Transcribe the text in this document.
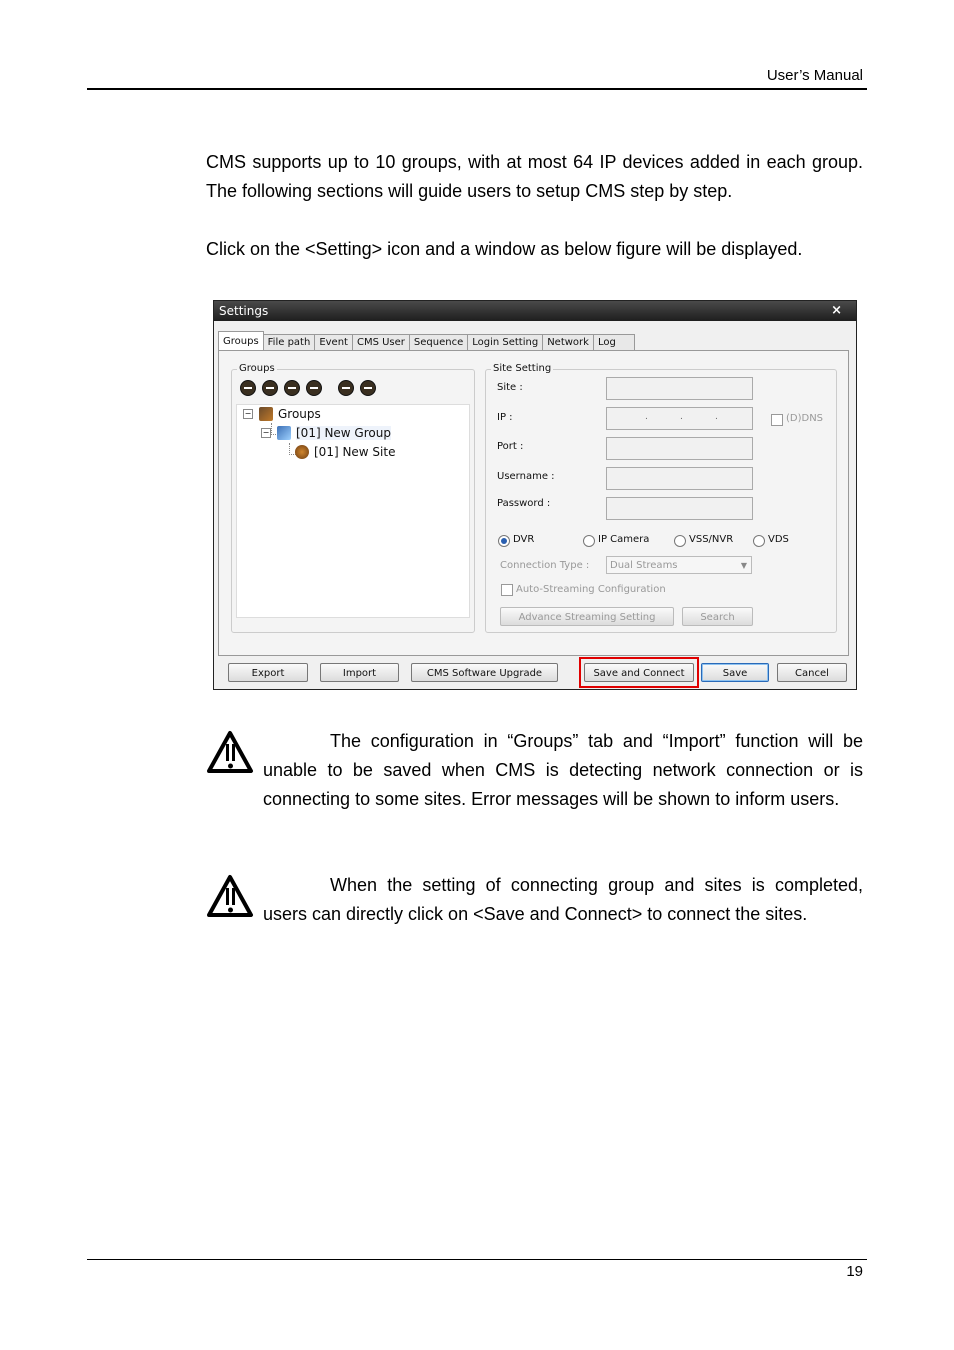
User’s Manual

CMS supports up to 10 groups, with at most 64 IP devices added in each group. The following sections will guide users to setup CMS step by step.

Click on the <Setting> icon and a window as below figure will be displayed.

Settings	×
Groups File path Event CMS User Sequence Login Setting Network Log
Groups
− Groups
− [01] New Group
[01] New Site
Site Setting
Site :
IP :	.	.	.	(D)DNS
Port :
Username :
Password :
DVR	IP Camera	VSS/NVR	VDS
Connection Type :	Dual Streams	▼
Auto-Streaming Configuration
Advance Streaming Setting	Search
Export	Import	CMS Software Upgrade	Save and Connect	Save	Cancel
The configuration in “Groups” tab and “Import” function will be unable to be saved when CMS is detecting network connection or is connecting to some sites. Error messages will be shown to inform users.
When the setting of connecting group and sites is completed, users can directly click on <Save and Connect> to connect the sites.
19
